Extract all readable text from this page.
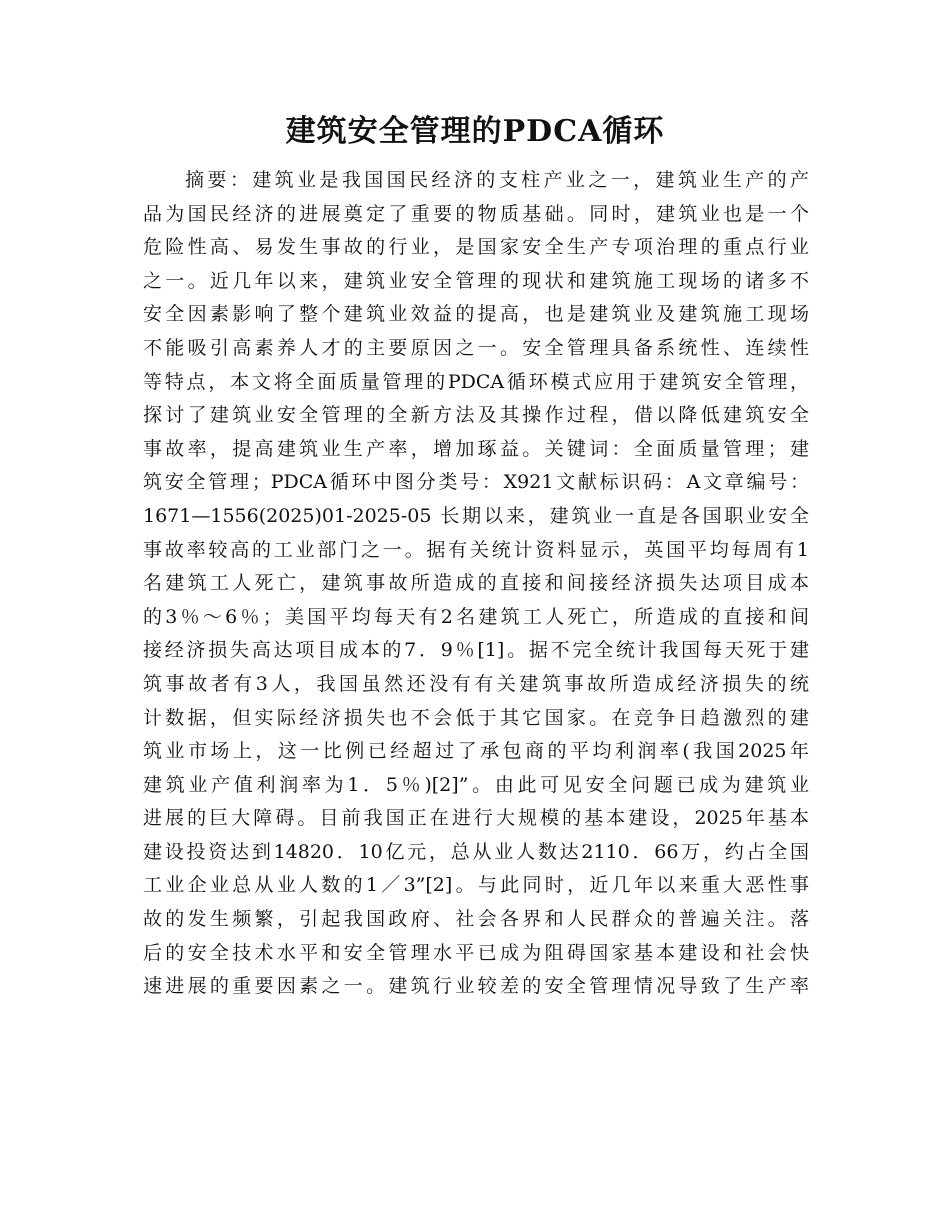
建筑安全管理的PDCA循环
摘要：建筑业是我国国民经济的支柱产业之一，建筑业生产的产
品为国民经济的进展奠定了重要的物质基础。同时，建筑业也是一个
危险性高、易发生事故的行业，是国家安全生产专项治理的重点行业
之一。近几年以来，建筑业安全管理的现状和建筑施工现场的诸多不
安全因素影响了整个建筑业效益的提高，也是建筑业及建筑施工现场
不能吸引高素养人才的主要原因之一。安全管理具备系统性、连续性
等特点，本文将全面质量管理的PDCA循环模式应用于建筑安全管理，
探讨了建筑业安全管理的全新方法及其操作过程，借以降低建筑安全
事故率，提高建筑业生产率，增加琢益。关键词：全面质量管理；建
筑安全管理；PDCA循环中图分类号：X921文献标识码：A文章编号：
1671—1556(2025)01-2025-05 长期以来，建筑业一直是各国职业安全
事故率较高的工业部门之一。据有关统计资料显示，英国平均每周有1
名建筑工人死亡，建筑事故所造成的直接和间接经济损失达项目成本
的3％～6％；美国平均每天有2名建筑工人死亡，所造成的直接和间
接经济损失高达项目成本的7．9％[1]。据不完全统计我国每天死于建
筑事故者有3人，我国虽然还没有有关建筑事故所造成经济损失的统
计数据，但实际经济损失也不会低于其它国家。在竞争日趋激烈的建
筑业市场上，这一比例已经超过了承包商的平均利润率(我国2025年
建筑业产值利润率为1．5％)[2]”。由此可见安全问题已成为建筑业
进展的巨大障碍。目前我国正在进行大规模的基本建设，2025年基本
建设投资达到14820．10亿元，总从业人数达2110．66万，约占全国
工业企业总从业人数的1／3”[2]。与此同时，近几年以来重大恶性事
故的发生频繁，引起我国政府、社会各界和人民群众的普遍关注。落
后的安全技术水平和安全管理水平已成为阻碍国家基本建设和社会快
速进展的重要因素之一。建筑行业较差的安全管理情况导致了生产率
